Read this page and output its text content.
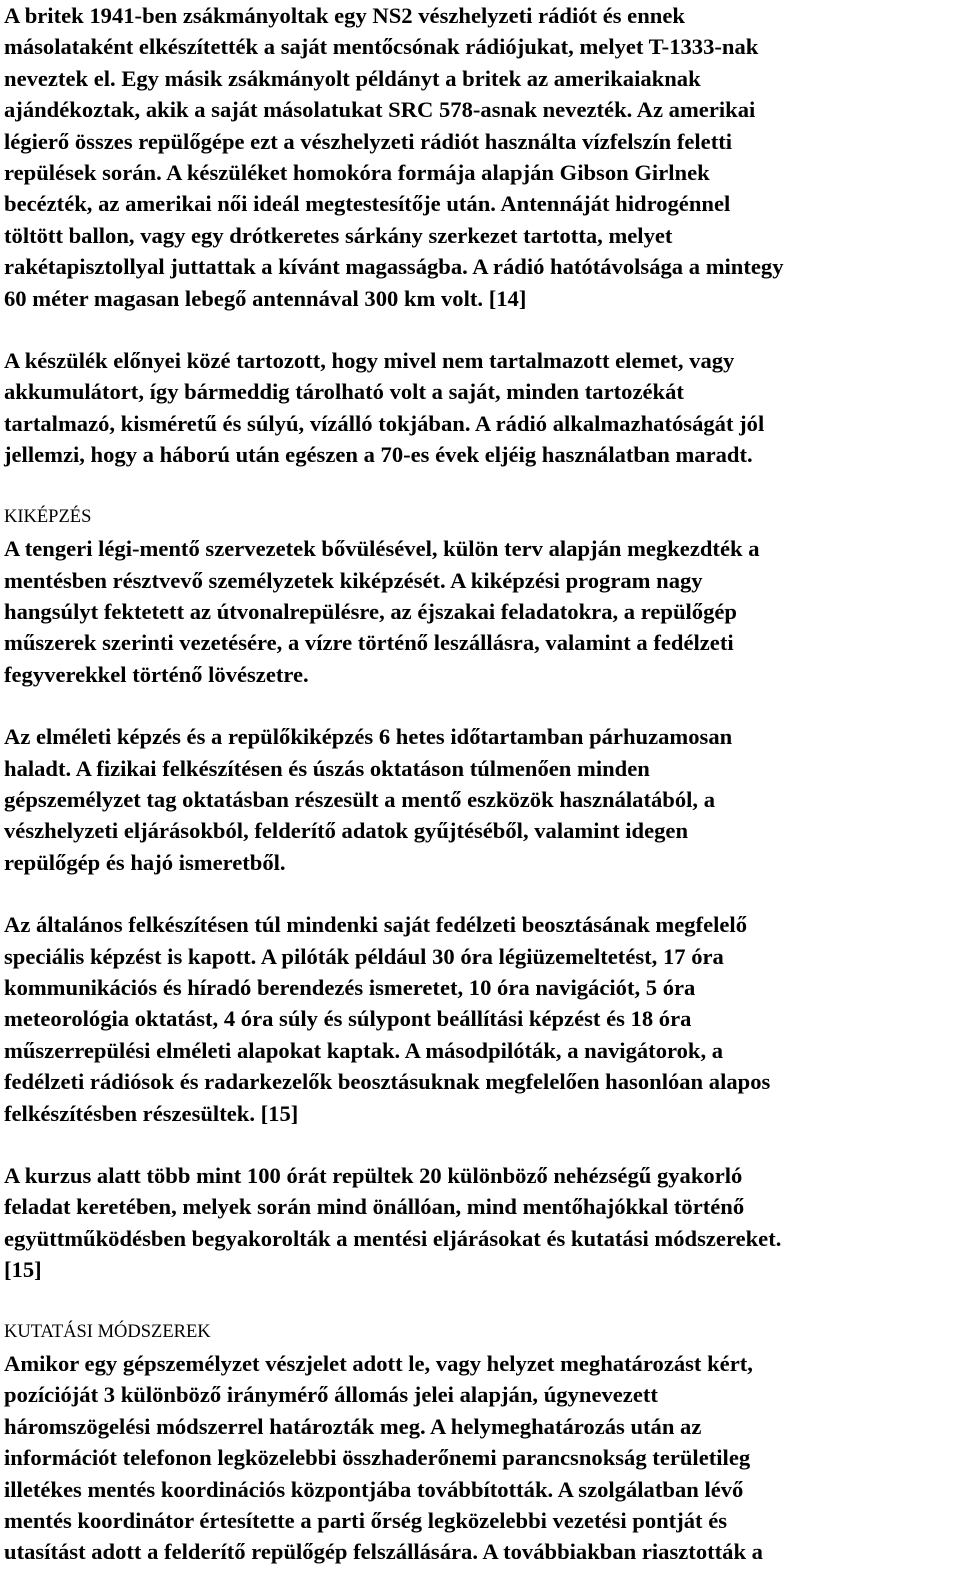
A britek 1941-ben zsákmányoltak egy NS2 vészhelyzeti rádiót és ennek
másolataként elkészítették a saját mentőcsónak rádiójukat, melyet T-1333-nak
neveztek el. Egy másik zsákmányolt példányt a britek az amerikaiaknak
ajándékoztak, akik a saját másolatukat SRC 578-asnak nevezték. Az amerikai
légierő összes repülőgépe ezt a vészhelyzeti rádiót használta vízfelszín feletti
repülések során. A készüléket homokóra formája alapján Gibson Girlnek
becézték, az amerikai női ideál megtestesítője után. Antennáját hidrogénnel
töltött ballon, vagy egy drótkeretes sárkány szerkezet tartotta, melyet
rakétapisztollyal juttattak a kívánt magasságba. A rádió hatótávolsága a mintegy
60 méter magasan lebegő antennával 300 km volt. [14]
A készülék előnyei közé tartozott, hogy mivel nem tartalmazott elemet, vagy
akkumulátort, így bármeddig tárolható volt a saját, minden tartozékát
tartalmazó, kisméretű és súlyú, vízálló tokjában. A rádió alkalmazhatóságát jól
jellemzi, hogy a háború után egészen a 70-es évek eljéig használatban maradt.
KIKÉPZÉS
A tengeri légi-mentő szervezetek bővülésével, külön terv alapján megkezdték a
mentésben résztvevő személyzetek kiképzését. A kiképzési program nagy
hangsúlyt fektetett az útvonalrepülésre, az éjszakai feladatokra, a repülőgép
műszerek szerinti vezetésére, a vízre történő leszállásra, valamint a fedélzeti
fegyverekkel történő lövészetre.
Az elméleti képzés és a repülőkiképzés 6 hetes időtartamban párhuzamosan
haladt. A fizikai felkészítésen és úszás oktatáson túlmenően minden
gépszemélyzet tag oktatásban részesült a mentő eszközök használatából, a
vészhelyzeti eljárásokból, felderítő adatok gyűjtéséből, valamint idegen
repülőgép és hajó ismeretből.
Az általános felkészítésen túl mindenki saját fedélzeti beosztásának megfelelő
speciális képzést is kapott. A pilóták például 30 óra légiüzemeltetést, 17 óra
kommunikációs és híradó berendezés ismeretet, 10 óra navigációt, 5 óra
meteorológia oktatást, 4 óra súly és súlypont beállítási képzést és 18 óra
műszerrepülési elméleti alapokat kaptak. A másodpilóták, a navigátorok, a
fedélzeti rádiósok és radarkezelők beosztásuknak megfelelően hasonlóan alapos
felkészítésben részesültek. [15]
A kurzus alatt több mint 100 órát repültek 20 különböző nehézségű gyakorló
feladat keretében, melyek során mind önállóan, mind mentőhajókkal történő
együttműködésben begyakorolták a mentési eljárásokat és kutatási módszereket.
[15]
KUTATÁSI MÓDSZEREK
Amikor egy gépszemélyzet vészjelet adott le, vagy helyzet meghatározást kért,
pozícióját 3 különböző iránymérő állomás jelei alapján, úgynevezett
háromszögelési módszerrel határozták meg. A helymeghatározás után az
információt telefonon legközelebbi összhaderőnemi parancsnokság területileg
illetékes mentés koordinációs központjába továbbították. A szolgálatban lévő
mentés koordinátor értesítette a parti őrség legközelebbi vezetési pontját és
utasítást adott a felderítő repülőgép felszállására. A továbbiakban riasztották a
